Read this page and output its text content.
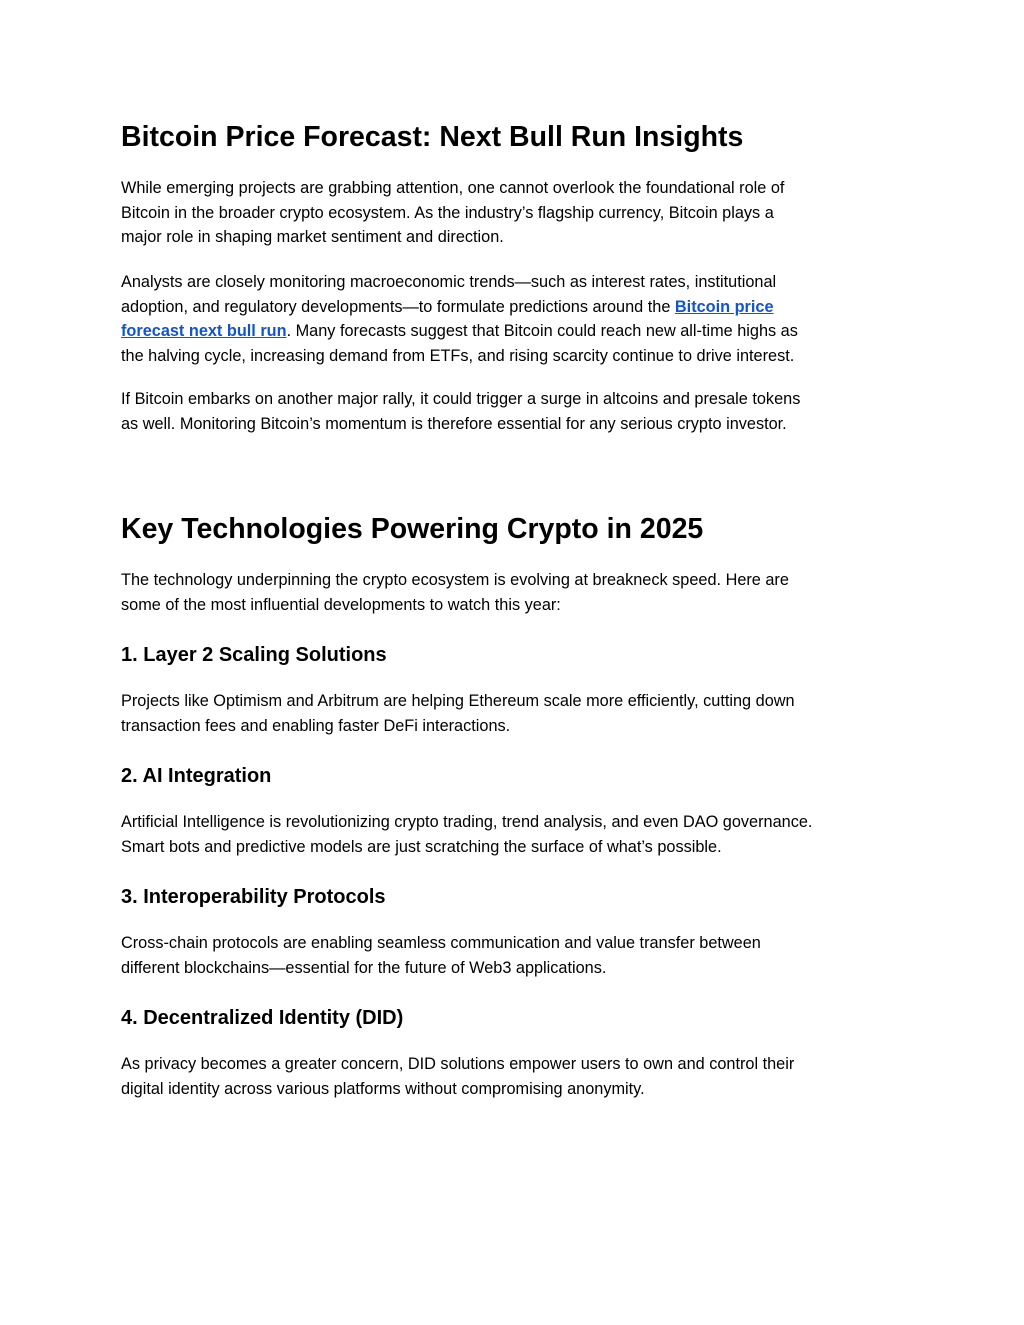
Bitcoin Price Forecast: Next Bull Run Insights
While emerging projects are grabbing attention, one cannot overlook the foundational role of
Bitcoin in the broader crypto ecosystem. As the industry’s flagship currency, Bitcoin plays a
major role in shaping market sentiment and direction.
Analysts are closely monitoring macroeconomic trends—such as interest rates, institutional
adoption, and regulatory developments—to formulate predictions around the Bitcoin price
forecast next bull run. Many forecasts suggest that Bitcoin could reach new all-time highs as
the halving cycle, increasing demand from ETFs, and rising scarcity continue to drive interest.
If Bitcoin embarks on another major rally, it could trigger a surge in altcoins and presale tokens
as well. Monitoring Bitcoin’s momentum is therefore essential for any serious crypto investor.
Key Technologies Powering Crypto in 2025
The technology underpinning the crypto ecosystem is evolving at breakneck speed. Here are
some of the most influential developments to watch this year:
1. Layer 2 Scaling Solutions
Projects like Optimism and Arbitrum are helping Ethereum scale more efficiently, cutting down
transaction fees and enabling faster DeFi interactions.
2. AI Integration
Artificial Intelligence is revolutionizing crypto trading, trend analysis, and even DAO governance.
Smart bots and predictive models are just scratching the surface of what’s possible.
3. Interoperability Protocols
Cross-chain protocols are enabling seamless communication and value transfer between
different blockchains—essential for the future of Web3 applications.
4. Decentralized Identity (DID)
As privacy becomes a greater concern, DID solutions empower users to own and control their
digital identity across various platforms without compromising anonymity.
